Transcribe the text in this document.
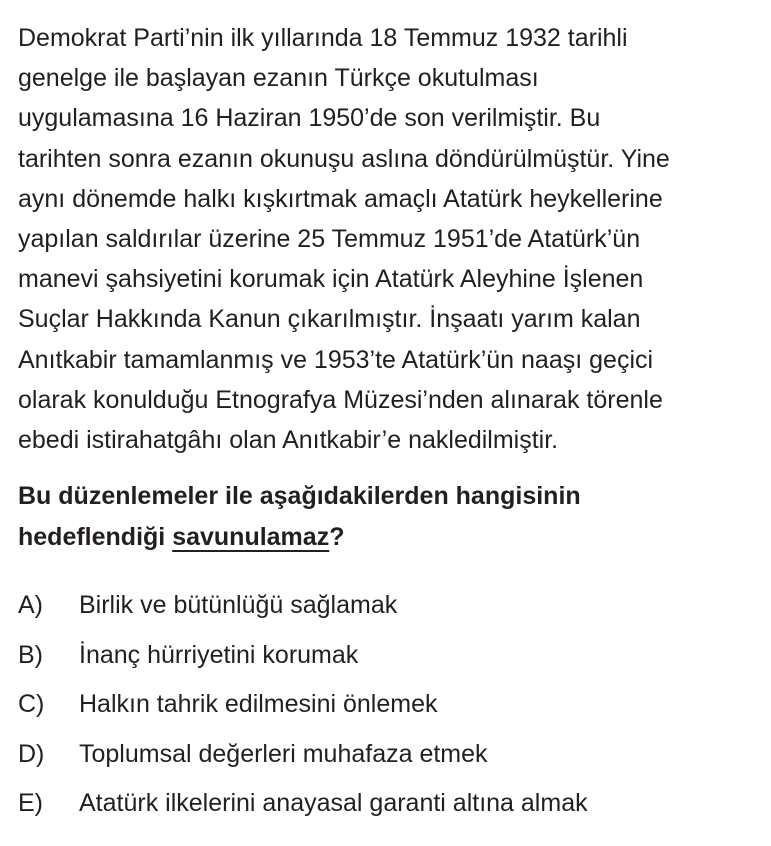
Demokrat Parti’nin ilk yıllarında 18 Temmuz 1932 tarihli

genelge ile başlayan ezanın Türkçe okutulması

uygulamasına 16 Haziran 1950’de son verilmiştir. Bu

tarihten sonra ezanın okunuşu aslına döndürülmüştür. Yine

aynı dönemde halkı kışkırtmak amaçlı Atatürk heykellerine

yapılan saldırılar üzerine 25 Temmuz 1951’de Atatürk’ün

manevi şahsiyetini korumak için Atatürk Aleyhine İşlenen

Suçlar Hakkında Kanun çıkarılmıştır. İnşaatı yarım kalan

Anıtkabir tamamlanmış ve 1953’te Atatürk’ün naaşı geçici

olarak konulduğu Etnografya Müzesi’nden alınarak törenle

ebedi istirahatgâhı olan Anıtkabir’e nakledilmiştir.

Bu düzenlemeler ile aşağıdakilerden hangisinin
hedeflendiği savunulamaz?
A)	Birlik ve bütünlüğü sağlamak
B)	İnanç hürriyetini korumak
C)	Halkın tahrik edilmesini önlemek
D)	Toplumsal değerleri muhafaza etmek
E)	Atatürk ilkelerini anayasal garanti altına almak
